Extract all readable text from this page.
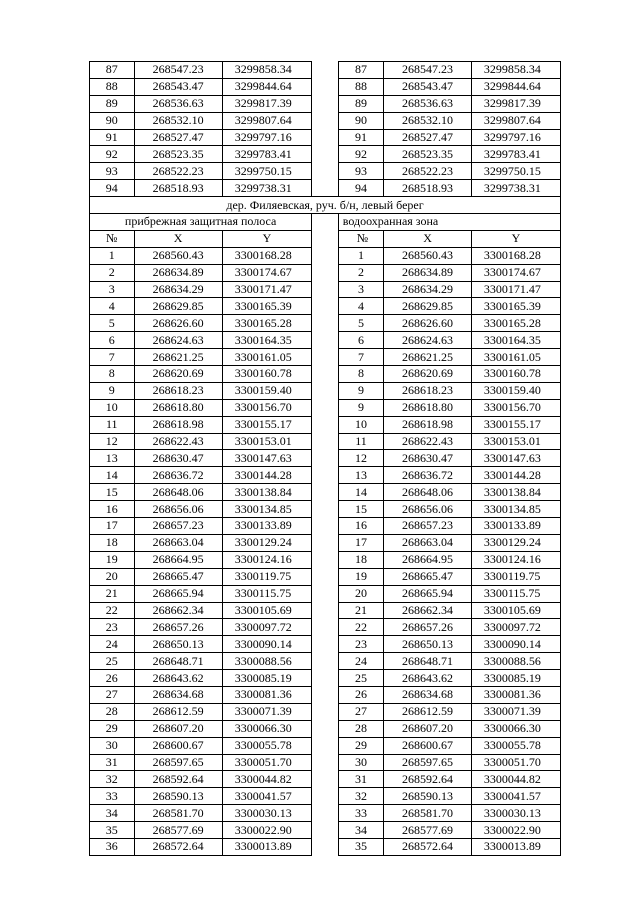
87	268547.23	3299858.34		87	268547.23	3299858.34
88	268543.47	3299844.64		88	268543.47	3299844.64
89	268536.63	3299817.39		89	268536.63	3299817.39
90	268532.10	3299807.64		90	268532.10	3299807.64
91	268527.47	3299797.16		91	268527.47	3299797.16
92	268523.35	3299783.41		92	268523.35	3299783.41
93	268522.23	3299750.15		93	268522.23	3299750.15
94	268518.93	3299738.31		94	268518.93	3299738.31
дер. Филяевская, руч. б/н, левый берег						
прибрежная защитная полоса				водоохранная зона		
№	X	Y		№	X	Y
1	268560.43	3300168.28		1	268560.43	3300168.28
2	268634.89	3300174.67		2	268634.89	3300174.67
3	268634.29	3300171.47		3	268634.29	3300171.47
4	268629.85	3300165.39		4	268629.85	3300165.39
5	268626.60	3300165.28		5	268626.60	3300165.28
6	268624.63	3300164.35		6	268624.63	3300164.35
7	268621.25	3300161.05		7	268621.25	3300161.05
8	268620.69	3300160.78		8	268620.69	3300160.78
9	268618.23	3300159.40		9	268618.23	3300159.40
10	268618.80	3300156.70		9	268618.80	3300156.70
11	268618.98	3300155.17		10	268618.98	3300155.17
12	268622.43	3300153.01		11	268622.43	3300153.01
13	268630.47	3300147.63		12	268630.47	3300147.63
14	268636.72	3300144.28		13	268636.72	3300144.28
15	268648.06	3300138.84		14	268648.06	3300138.84
16	268656.06	3300134.85		15	268656.06	3300134.85
17	268657.23	3300133.89		16	268657.23	3300133.89
18	268663.04	3300129.24		17	268663.04	3300129.24
19	268664.95	3300124.16		18	268664.95	3300124.16
20	268665.47	3300119.75		19	268665.47	3300119.75
21	268665.94	3300115.75		20	268665.94	3300115.75
22	268662.34	3300105.69		21	268662.34	3300105.69
23	268657.26	3300097.72		22	268657.26	3300097.72
24	268650.13	3300090.14		23	268650.13	3300090.14
25	268648.71	3300088.56		24	268648.71	3300088.56
26	268643.62	3300085.19		25	268643.62	3300085.19
27	268634.68	3300081.36		26	268634.68	3300081.36
28	268612.59	3300071.39		27	268612.59	3300071.39
29	268607.20	3300066.30		28	268607.20	3300066.30
30	268600.67	3300055.78		29	268600.67	3300055.78
31	268597.65	3300051.70		30	268597.65	3300051.70
32	268592.64	3300044.82		31	268592.64	3300044.82
33	268590.13	3300041.57		32	268590.13	3300041.57
34	268581.70	3300030.13		33	268581.70	3300030.13
35	268577.69	3300022.90		34	268577.69	3300022.90
36	268572.64	3300013.89		35	268572.64	3300013.89
